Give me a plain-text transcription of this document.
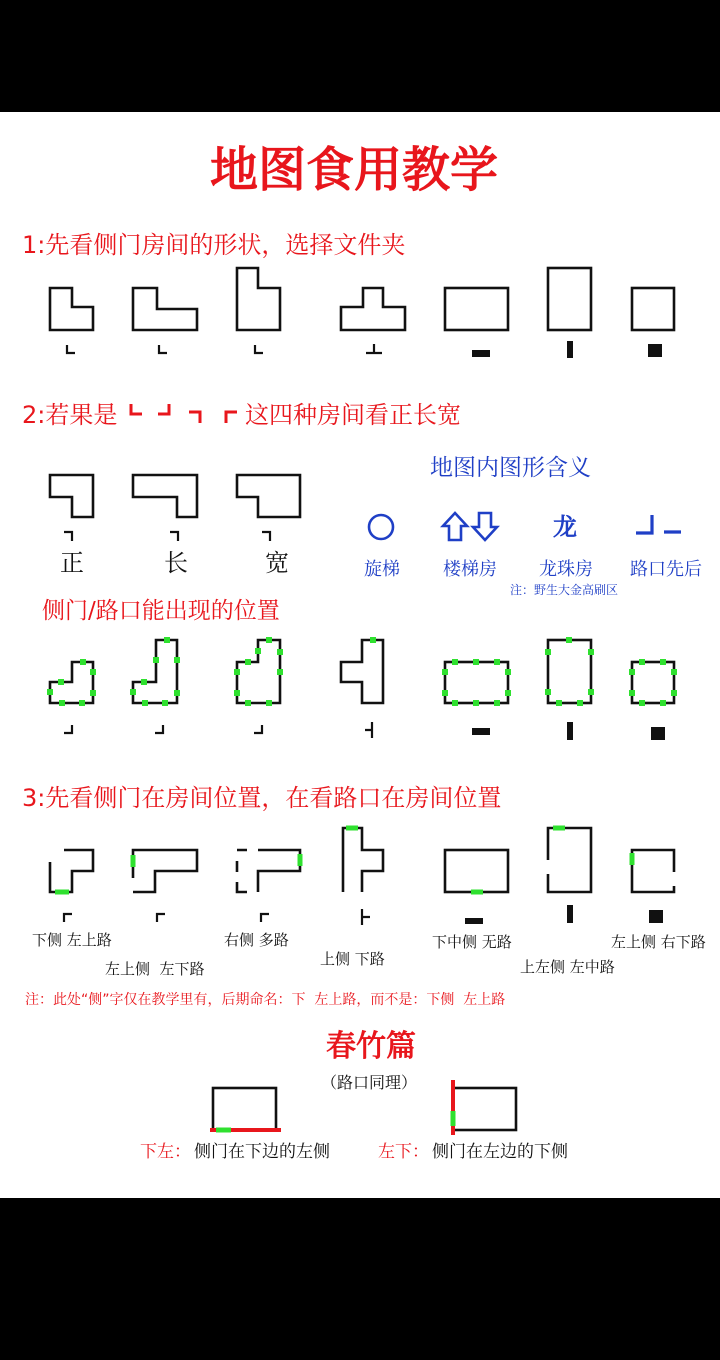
地图食用教学
1:先看侧门房间的形状，选择文件夹
2:若果是	这四种房间看正长宽
正	长	宽
地图内图形含义
龙
旋梯 楼梯房 龙珠房 路口先后
注：野生大金高刷区
侧门/路口能出现的位置
3:先看侧门在房间位置，在看路口在房间位置
下侧 左上路
左上侧  左下路
右侧 多路
上侧 下路
下中侧 无路
上左侧 左中路
左上侧 右下路
注：此处“侧”字仅在教学里有，后期命名：下  左上路，而不是：下侧  左上路
春竹篇
（路口同理）
下左： 侧门在下边的左侧	左下： 侧门在左边的下侧
